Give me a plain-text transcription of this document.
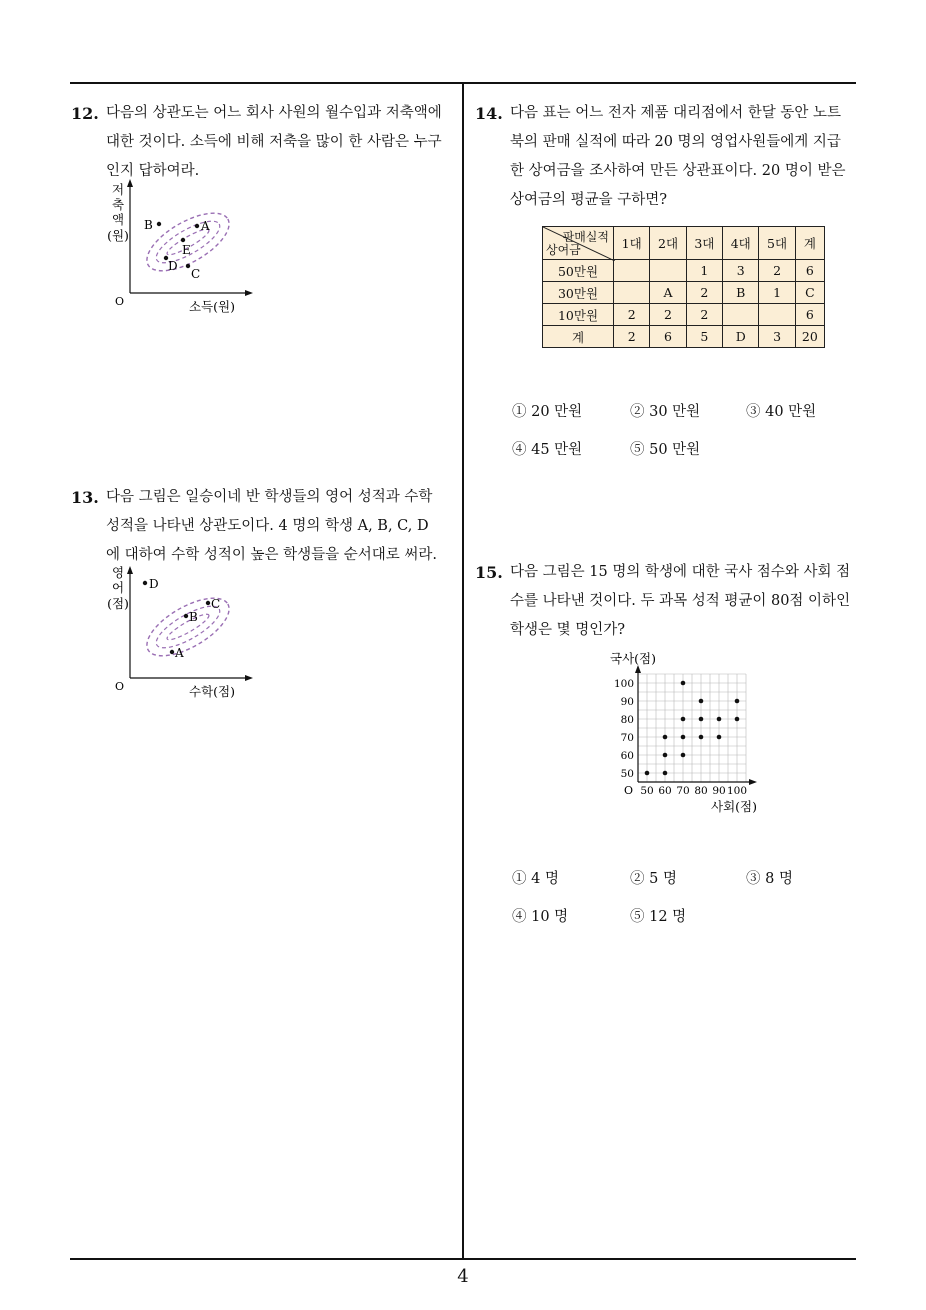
12. 다음의 상관도는 어느 회사 사원의 월수입과 저축액에

대한 것이다. 소득에 비해 저축을 많이 한 사람은 누구

인지 답하여라.

저
축
액
(원)
O	소득(원)
A
B
C
D
E
13. 다음 그림은 일승이네 반 학생들의 영어 성적과 수학

성적을 나타낸 상관도이다. 4 명의 학생 A, B, C, D

에 대하여 수학 성적이 높은 학생들을 순서대로 써라.

영
어
(점)
O	수학(점)
A
B
C
D
14. 다음 표는 어느 전자 제품 대리점에서 한달 동안 노트

북의 판매 실적에 따라 20 명의 영업사원들에게 지급

한 상여금을 조사하여 만든 상관표이다. 20 명이 받은

상여금의 평균을 구하면?

판매실적
상여금	1대	2대	3대	4대	5대	계
50만원			1	3	2	6
30만원		A	2	B	1	C
10만원	2	2	2			6
계	2	6	5	D	3	20
① 20 만원	② 30 만원	③ 40 만원
④ 45 만원	⑤ 50 만원
15. 다음 그림은 15 명의 학생에 대한 국사 점수와 사회 점

수를 나타낸 것이다. 두 과목 성적 평균이 80점 이하인

학생은 몇 명인가?

국사(점)
사회(점)
O 50 60 70 80 90 100
50
60
70
80
90
100
① 4 명	② 5 명	③ 8 명
④ 10 명	⑤ 12 명
4
